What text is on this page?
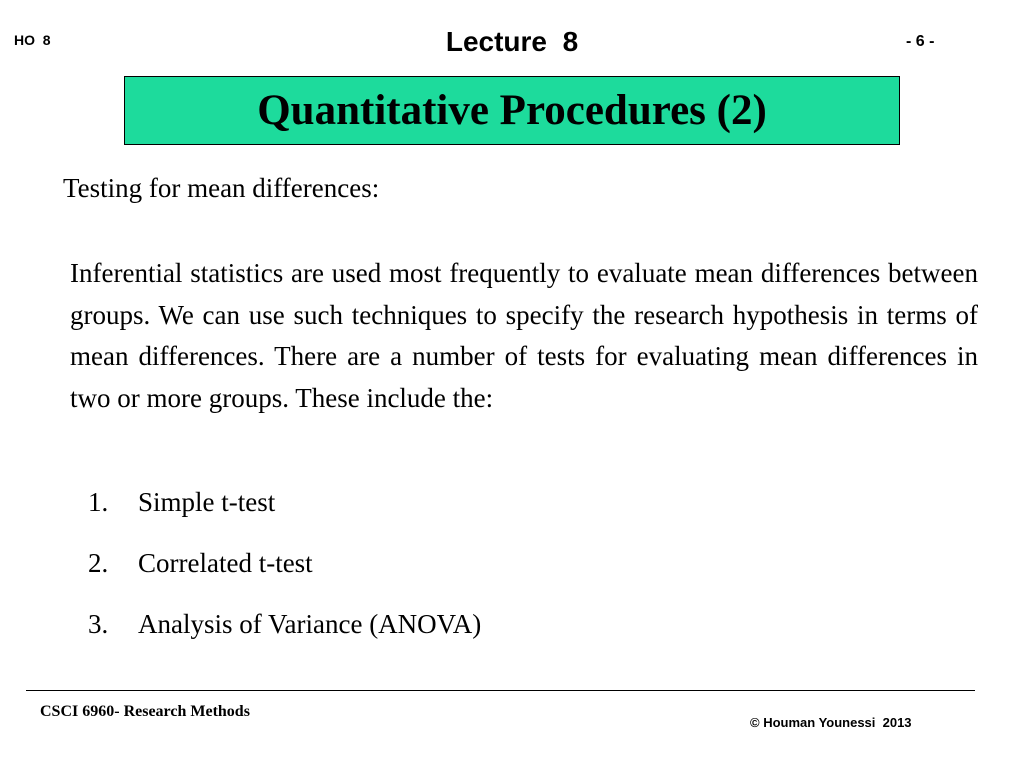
HO  8	Lecture  8	- 6 -
Quantitative Procedures (2)
Testing for mean differences:
Inferential statistics are used most frequently to evaluate mean differences between groups. We can use such techniques to specify the research hypothesis in terms of mean differences. There are a number of tests for evaluating mean differences in two or more groups. These include the:
1.	Simple t-test
2.	Correlated t-test
3.	Analysis of Variance (ANOVA)
CSCI 6960- Research Methods
© Houman Younessi  2013
